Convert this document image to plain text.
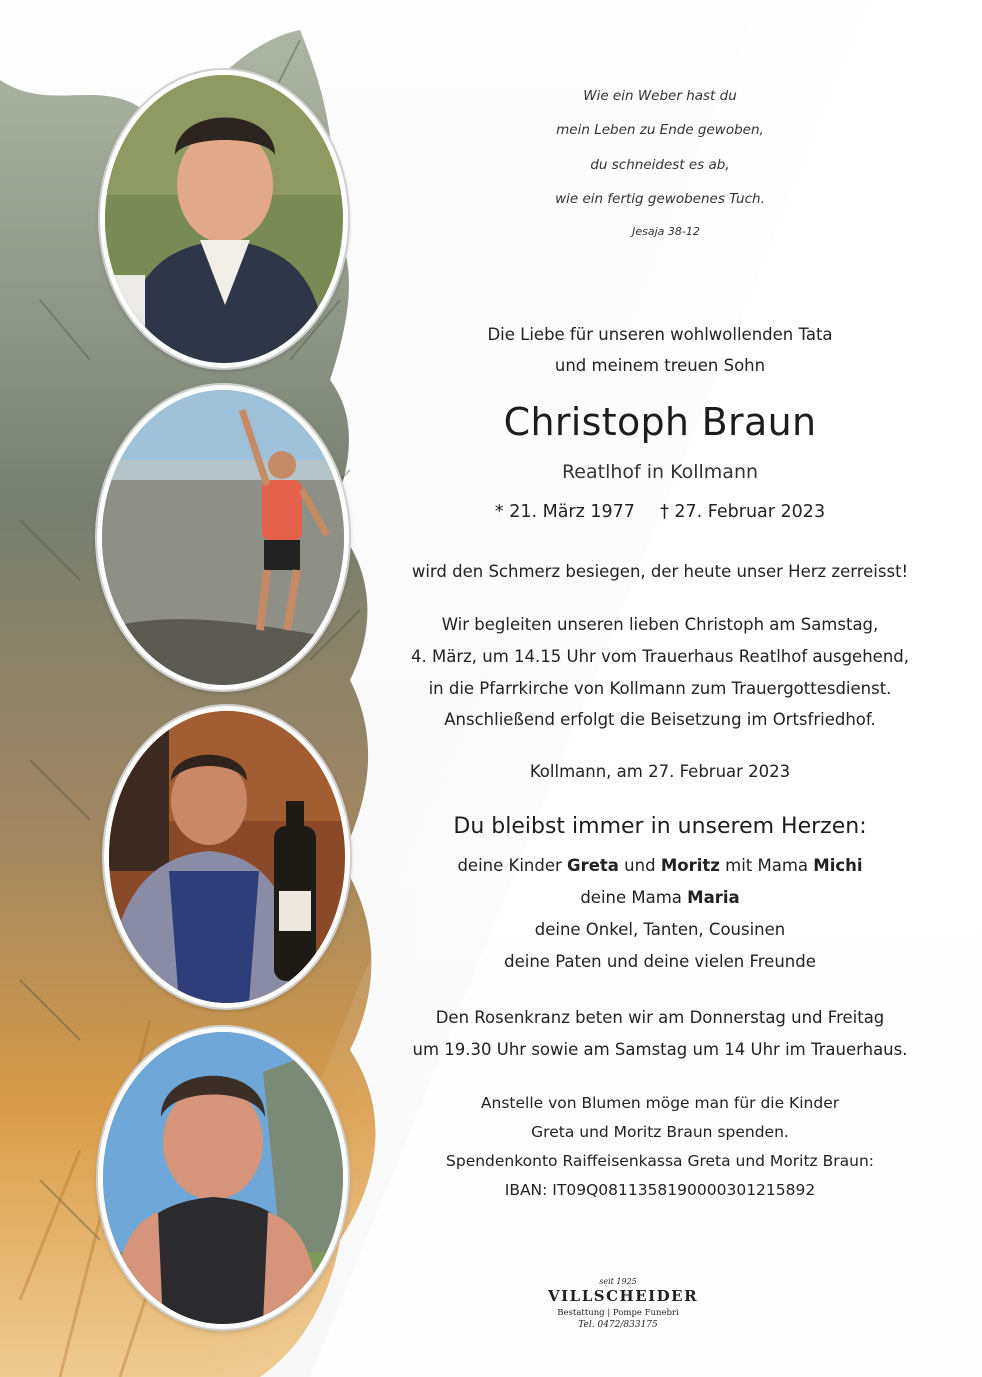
Wie ein Weber hast du
mein Leben zu Ende gewoben,
du schneidest es ab,
wie ein fertig gewobenes Tuch.
Jesaja 38-12
Die Liebe für unseren wohlwollenden Tata
und meinem treuen Sohn
Christoph Braun
Reatlhof in Kollmann
* 21. März 1977 † 27. Februar 2023
wird den Schmerz besiegen, der heute unser Herz zerreisst!
Wir begleiten unseren lieben Christoph am Samstag,
4. März, um 14.15 Uhr vom Trauerhaus Reatlhof ausgehend,
in die Pfarrkirche von Kollmann zum Trauergottesdienst.
Anschließend erfolgt die Beisetzung im Ortsfriedhof.
Kollmann, am 27. Februar 2023
Du bleibst immer in unserem Herzen:
deine Kinder Greta und Moritz mit Mama Michi
deine Mama Maria
deine Onkel, Tanten, Cousinen
deine Paten und deine vielen Freunde
Den Rosenkranz beten wir am Donnerstag und Freitag
um 19.30 Uhr sowie am Samstag um 14 Uhr im Trauerhaus.
Anstelle von Blumen möge man für die Kinder
Greta und Moritz Braun spenden.
Spendenkonto Raiffeisenkassa Greta und Moritz Braun:
IBAN: IT09Q0811358190000301215892
seit 1925
VILLSCHEIDER
Bestattung | Pompe Funebri
Tel. 0472/833175
